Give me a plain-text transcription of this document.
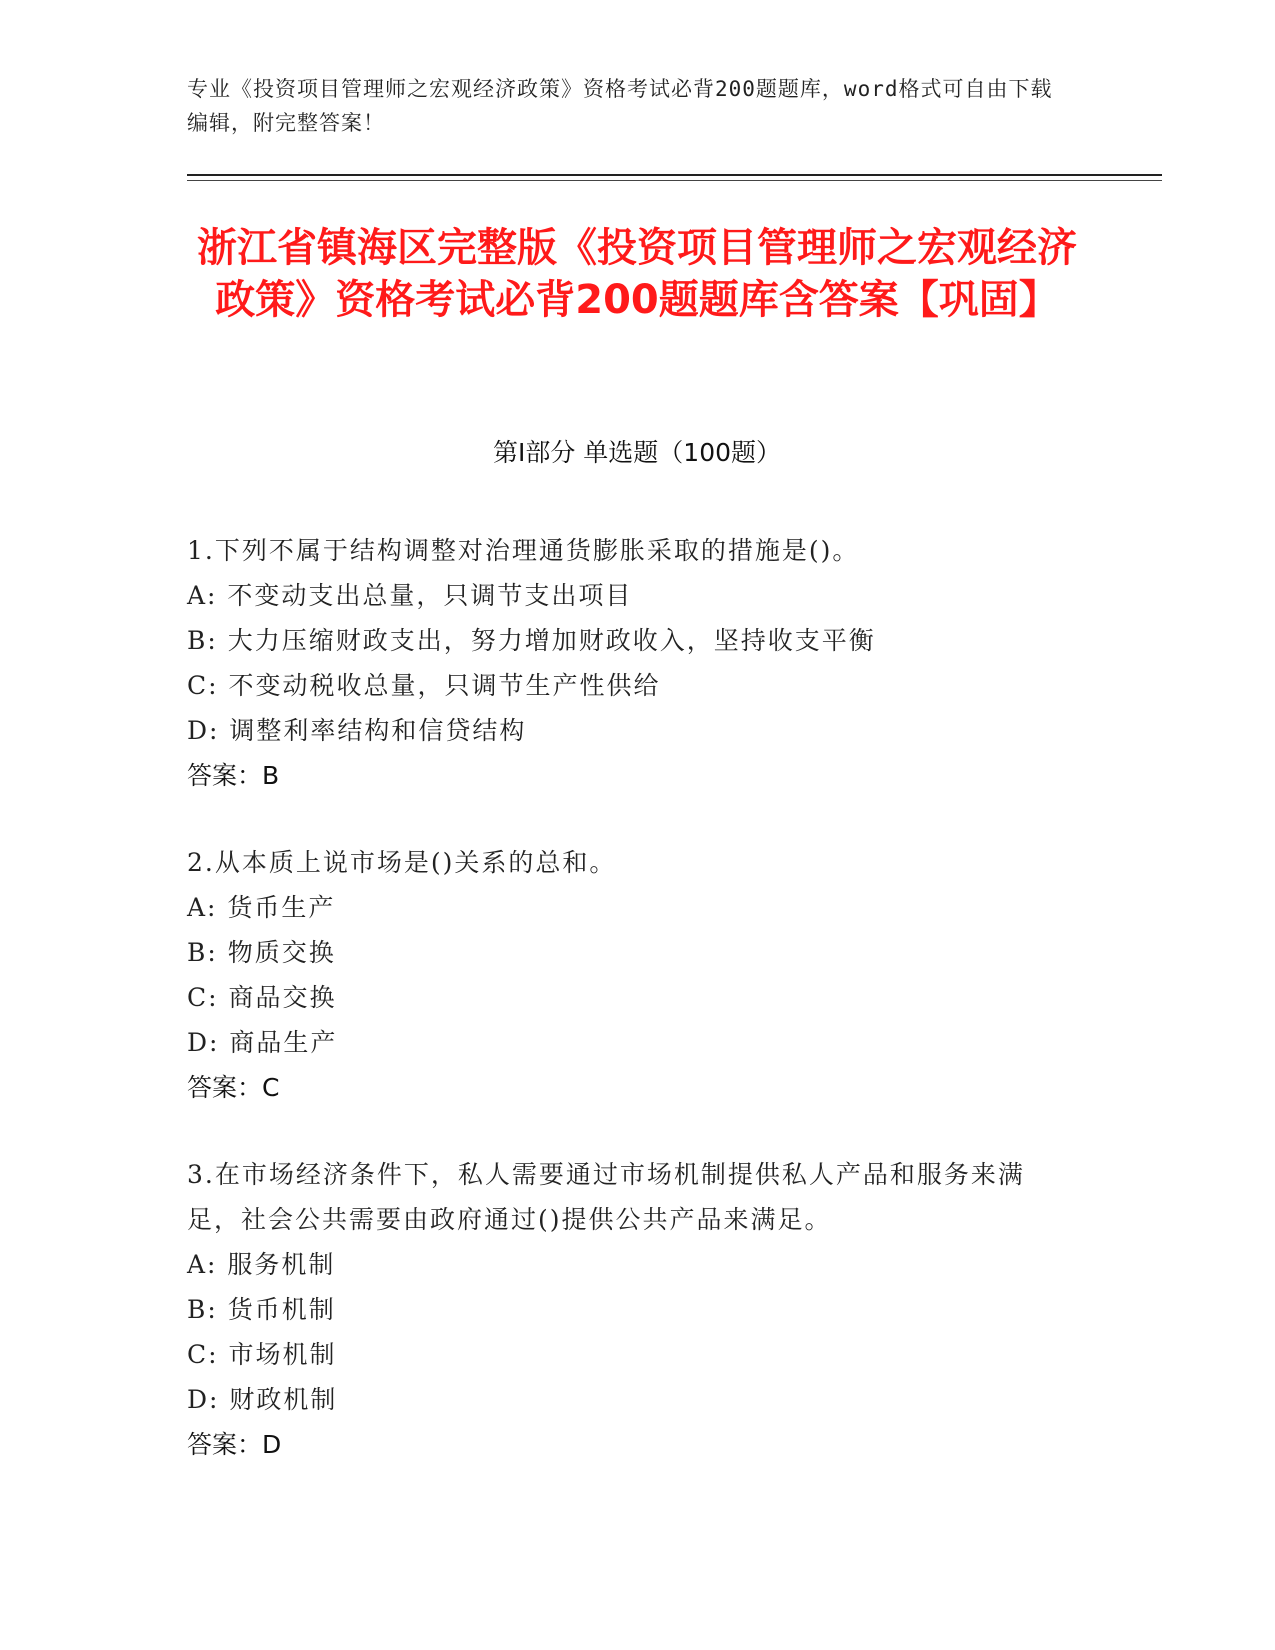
专业《投资项目管理师之宏观经济政策》资格考试必背200题题库，word格式可自由下载编辑，附完整答案！
浙江省镇海区完整版《投资项目管理师之宏观经济政策》资格考试必背200题题库含答案【巩固】
第I部分 单选题（100题）
1.下列不属于结构调整对治理通货膨胀采取的措施是()。
A: 不变动支出总量，只调节支出项目
B: 大力压缩财政支出，努力增加财政收入，坚持收支平衡
C: 不变动税收总量，只调节生产性供给
D: 调整利率结构和信贷结构
答案：B
2.从本质上说市场是()关系的总和。
A: 货币生产
B: 物质交换
C: 商品交换
D: 商品生产
答案：C
3.在市场经济条件下，私人需要通过市场机制提供私人产品和服务来满足，社会公共需要由政府通过()提供公共产品来满足。
A: 服务机制
B: 货币机制
C: 市场机制
D: 财政机制
答案：D
